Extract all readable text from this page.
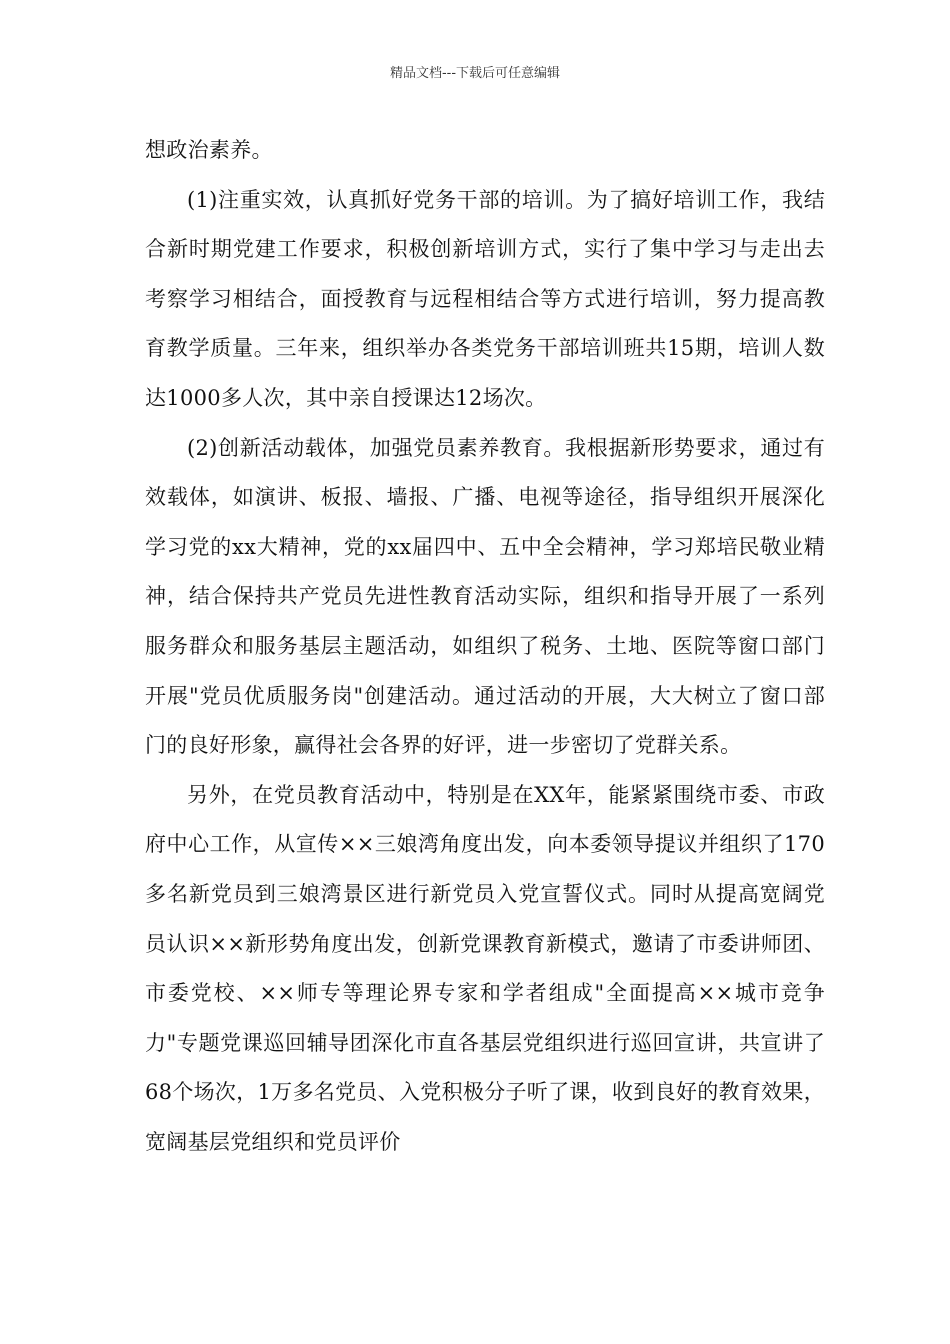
精品文档---下载后可任意编辑

想政治素养。

(1)注重实效，认真抓好党务干部的培训。为了搞好培训工作，我结合新时期党建工作要求，积极创新培训方式，实行了集中学习与走出去考察学习相结合，面授教育与远程相结合等方式进行培训，努力提高教育教学质量。三年来，组织举办各类党务干部培训班共15期，培训人数达1000多人次，其中亲自授课达12场次。

(2)创新活动载体，加强党员素养教育。我根据新形势要求，通过有效载体，如演讲、板报、墙报、广播、电视等途径，指导组织开展深化学习党的xx大精神，党的xx届四中、五中全会精神，学习郑培民敬业精神，结合保持共产党员先进性教育活动实际，组织和指导开展了一系列服务群众和服务基层主题活动，如组织了税务、土地、医院等窗口部门开展"党员优质服务岗"创建活动。通过活动的开展，大大树立了窗口部门的良好形象，赢得社会各界的好评，进一步密切了党群关系。

另外，在党员教育活动中，特别是在XX年，能紧紧围绕市委、市政府中心工作，从宣传××三娘湾角度出发，向本委领导提议并组织了170多名新党员到三娘湾景区进行新党员入党宣誓仪式。同时从提高宽阔党员认识××新形势角度出发，创新党课教育新模式，邀请了市委讲师团、市委党校、××师专等理论界专家和学者组成"全面提高××城市竞争力"专题党课巡回辅导团深化市直各基层党组织进行巡回宣讲，共宣讲了68个场次，1万多名党员、入党积极分子听了课，收到良好的教育效果，宽阔基层党组织和党员评价
